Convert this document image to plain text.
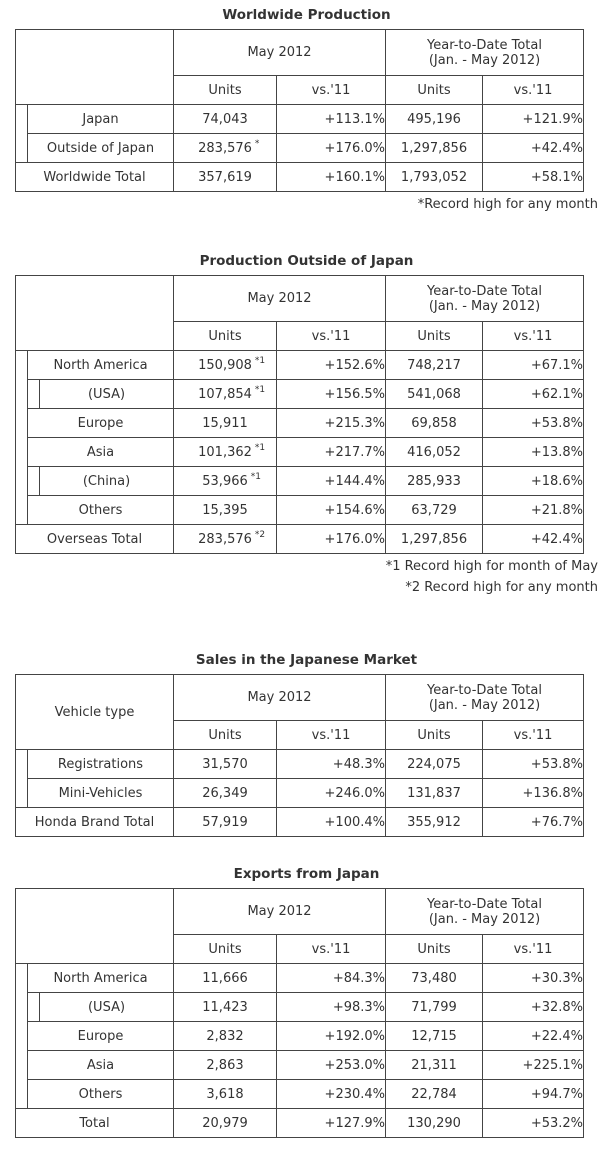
Worldwide Production
		May 2012		Year-to-Date Total
(Jan. - May 2012)	

		Units	vs.'11	Units	vs.'11
	Japan	74,043	+113.1%	495,196	+121.9%
	Outside of Japan	283,576 *	+176.0%	1,297,856	+42.4%
Worldwide Total		357,619	+160.1%	1,793,052	+58.1%
*Record high for any month
Production Outside of Japan
			May 2012		Year-to-Date Total
(Jan. - May 2012)	

			Units	vs.'11	Units	vs.'11
	North America		150,908 *1	+152.6%	748,217	+67.1%
		(USA)	107,854 *1	+156.5%	541,068	+62.1%
	Europe		15,911	+215.3%	69,858	+53.8%
	Asia		101,362 *1	+217.7%	416,052	+13.8%
		(China)	53,966 *1	+144.4%	285,933	+18.6%
	Others		15,395	+154.6%	63,729	+21.8%
Overseas Total			283,576 *2	+176.0%	1,297,856	+42.4%
*1 Record high for month of May
*2 Record high for any month
Sales in the Japanese Market
Vehicle type		May 2012		Year-to-Date Total
(Jan. - May 2012)	

		Units	vs.'11	Units	vs.'11
	Registrations	31,570	+48.3%	224,075	+53.8%
	Mini-Vehicles	26,349	+246.0%	131,837	+136.8%
Honda Brand Total		57,919	+100.4%	355,912	+76.7%
Exports from Japan
			May 2012		Year-to-Date Total
(Jan. - May 2012)	

			Units	vs.'11	Units	vs.'11
	North America		11,666	+84.3%	73,480	+30.3%
		(USA)	11,423	+98.3%	71,799	+32.8%
	Europe		2,832	+192.0%	12,715	+22.4%
	Asia		2,863	+253.0%	21,311	+225.1%
	Others		3,618	+230.4%	22,784	+94.7%
Total			20,979	+127.9%	130,290	+53.2%
